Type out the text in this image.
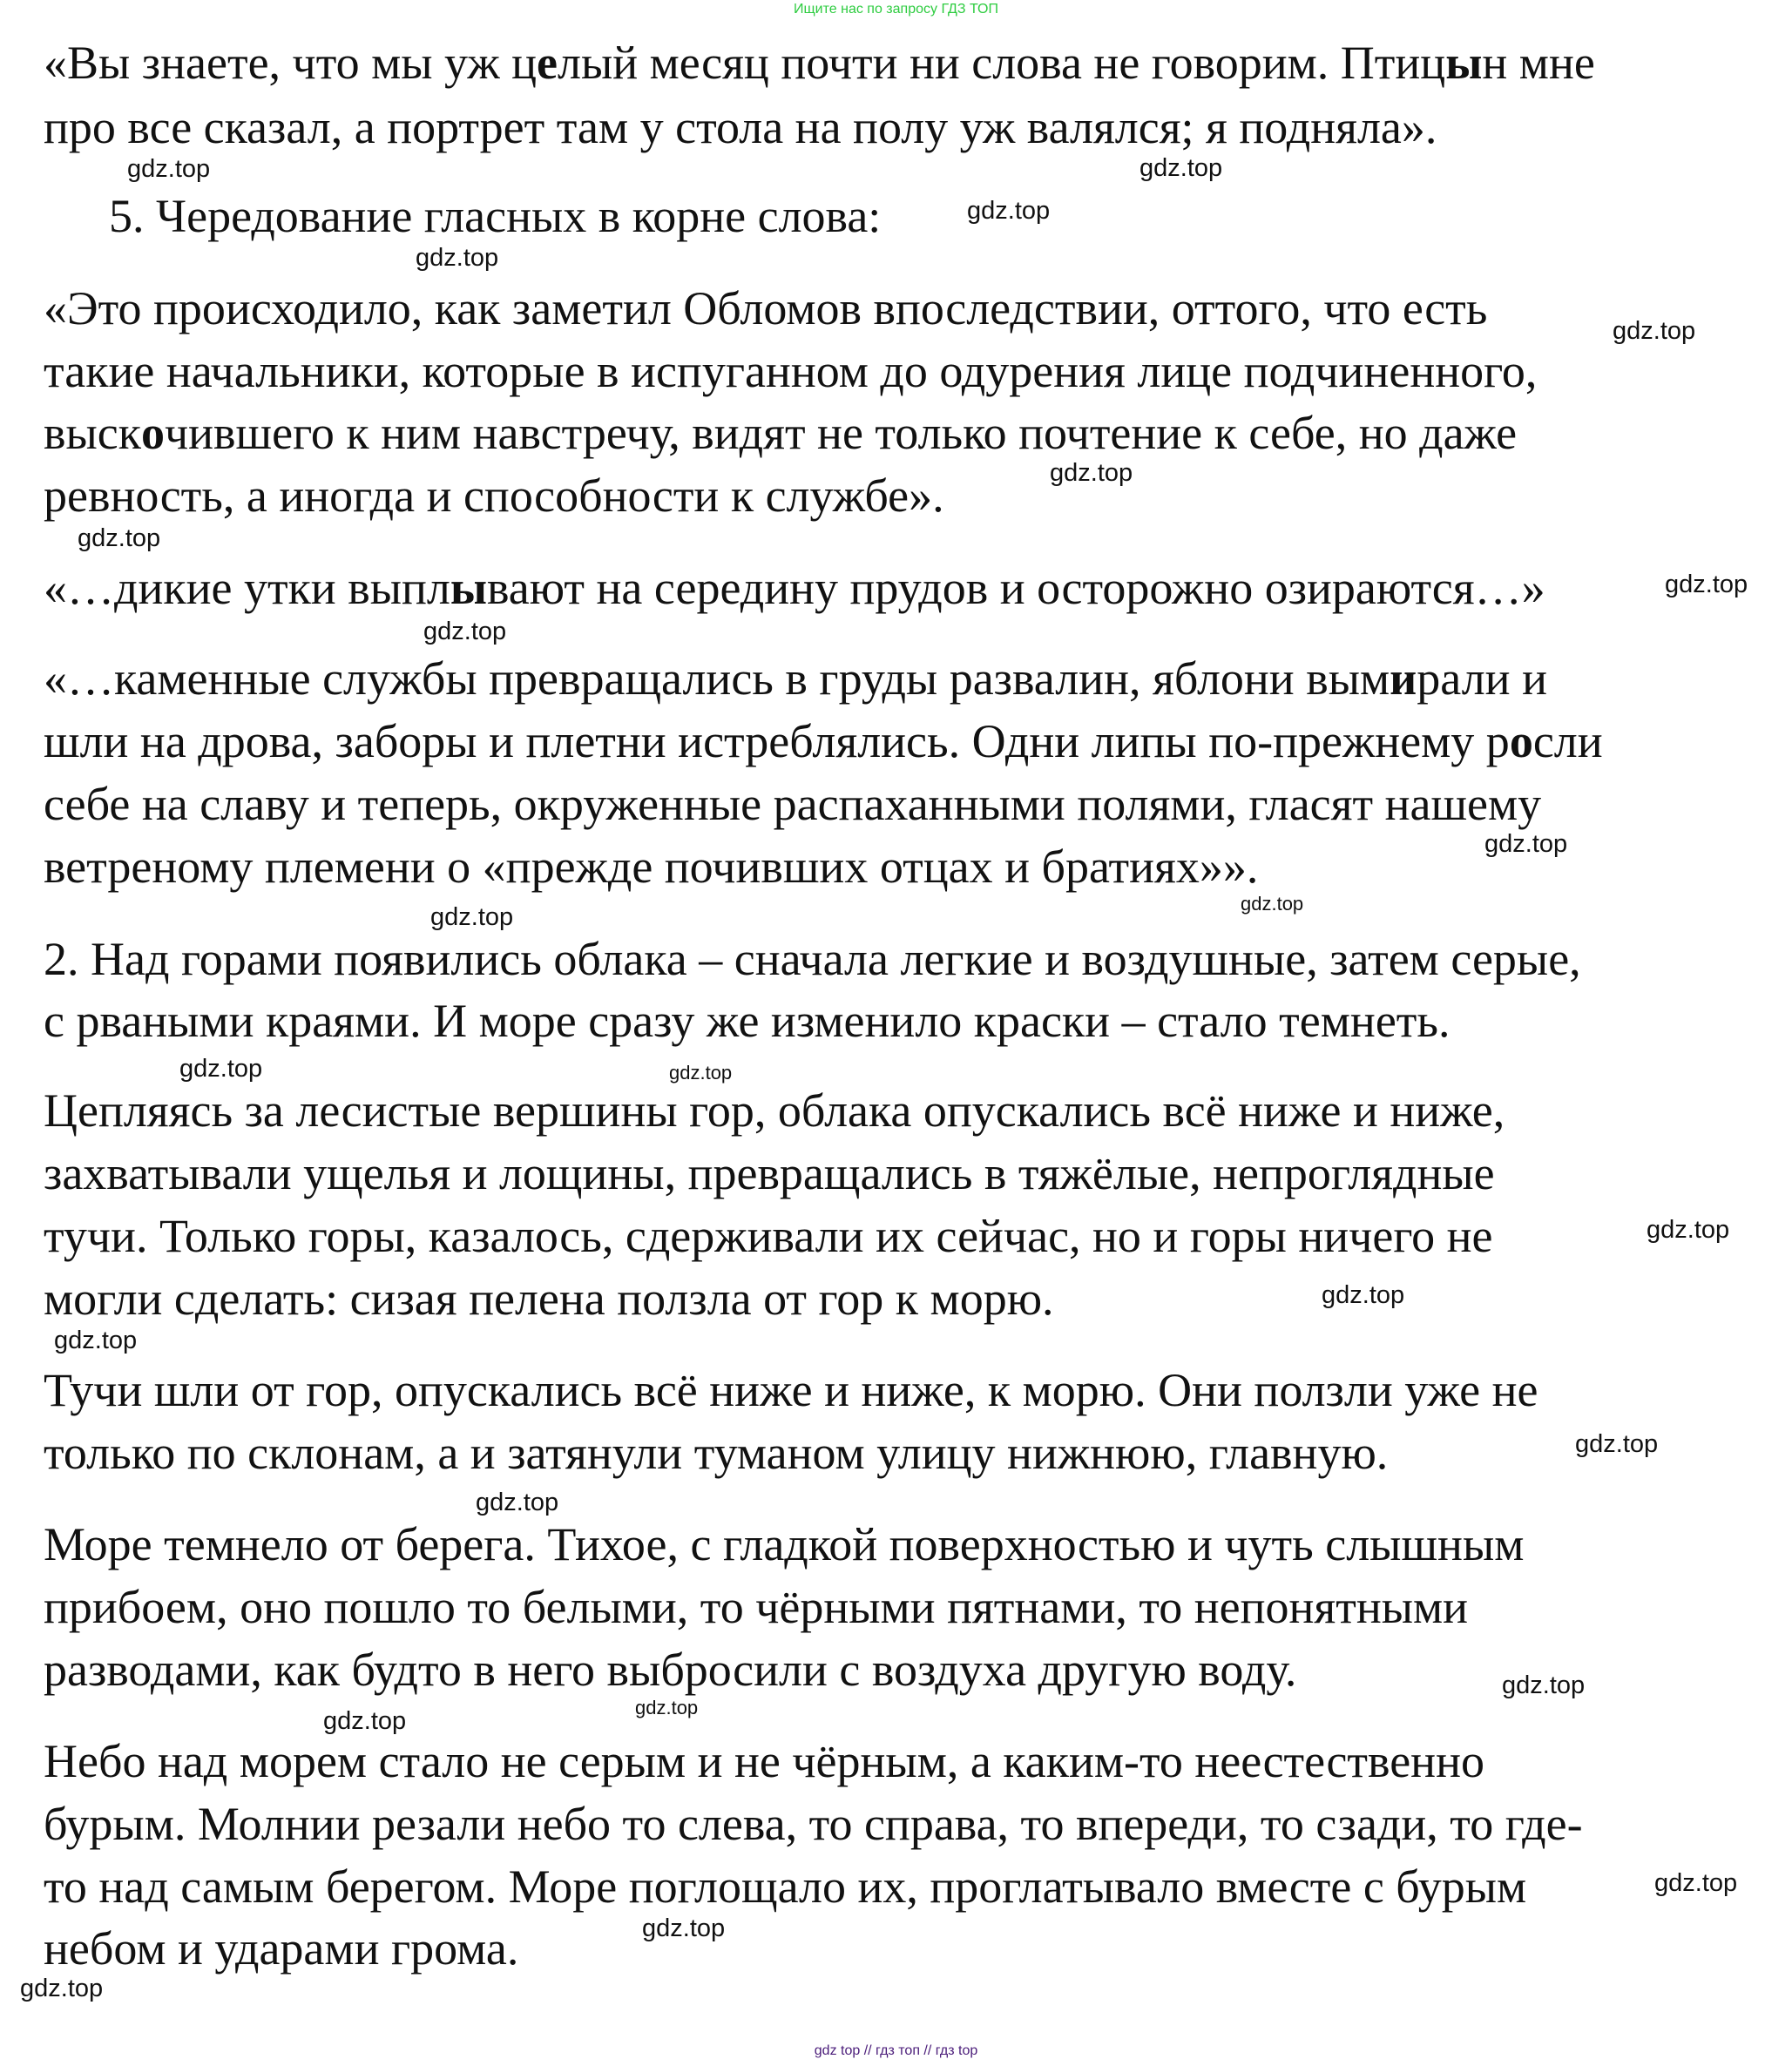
Ищите нас по запросу ГДЗ ТОП
«Вы знаете, что мы уж целый месяц почти ни слова не говорим. Птицын мне
про все сказал, а портрет там у стола на полу уж валялся; я подняла».
5. Чередование гласных в корне слова:
«Это происходило, как заметил Обломов впоследствии, оттого, что есть
такие начальники, которые в испуганном до одурения лице подчиненного,
выскочившего к ним навстречу, видят не только почтение к себе, но даже
ревность, а иногда и способности к службе».
«…дикие утки выплывают на середину прудов и осторожно озираются…»
«…каменные службы превращались в груды развалин, яблони вымирали и
шли на дрова, заборы и плетни истреблялись. Одни липы по-прежнему росли
себе на славу и теперь, окруженные распаханными полями, гласят нашему
ветреному племени о «прежде почивших отцах и братиях»».
2. Над горами появились облака – сначала легкие и воздушные, затем серые,
с рваными краями. И море сразу же изменило краски – стало темнеть.
Цепляясь за лесистые вершины гор, облака опускались всё ниже и ниже,
захватывали ущелья и лощины, превращались в тяжёлые, непроглядные
тучи. Только горы, казалось, сдерживали их сейчас, но и горы ничего не
могли сделать: сизая пелена ползла от гор к морю.
Тучи шли от гор, опускались всё ниже и ниже, к морю. Они ползли уже не
только по склонам, а и затянули туманом улицу нижнюю, главную.
Море темнело от берега. Тихое, с гладкой поверхностью и чуть слышным
прибоем, оно пошло то белыми, то чёрными пятнами, то непонятными
разводами, как будто в него выбросили с воздуха другую воду.
Небо над морем стало не серым и не чёрным, а каким-то неестественно
бурым. Молнии резали небо то слева, то справа, то впереди, то сзади, то где-
то над самым берегом. Море поглощало их, проглатывало вместе с бурым
небом и ударами грома.
gdz.top
gdz.top
gdz.top
gdz.top
gdz.top
gdz.top
gdz.top
gdz.top
gdz.top
gdz.top
gdz.top
gdz.top
gdz.top	gdz.top
gdz.top
gdz.top
gdz.top
gdz.top
gdz.top
gdz.top
gdz.top
gdz.top
gdz.top
gdz.top
gdz.top
gdz top // гдз топ // гдз top
